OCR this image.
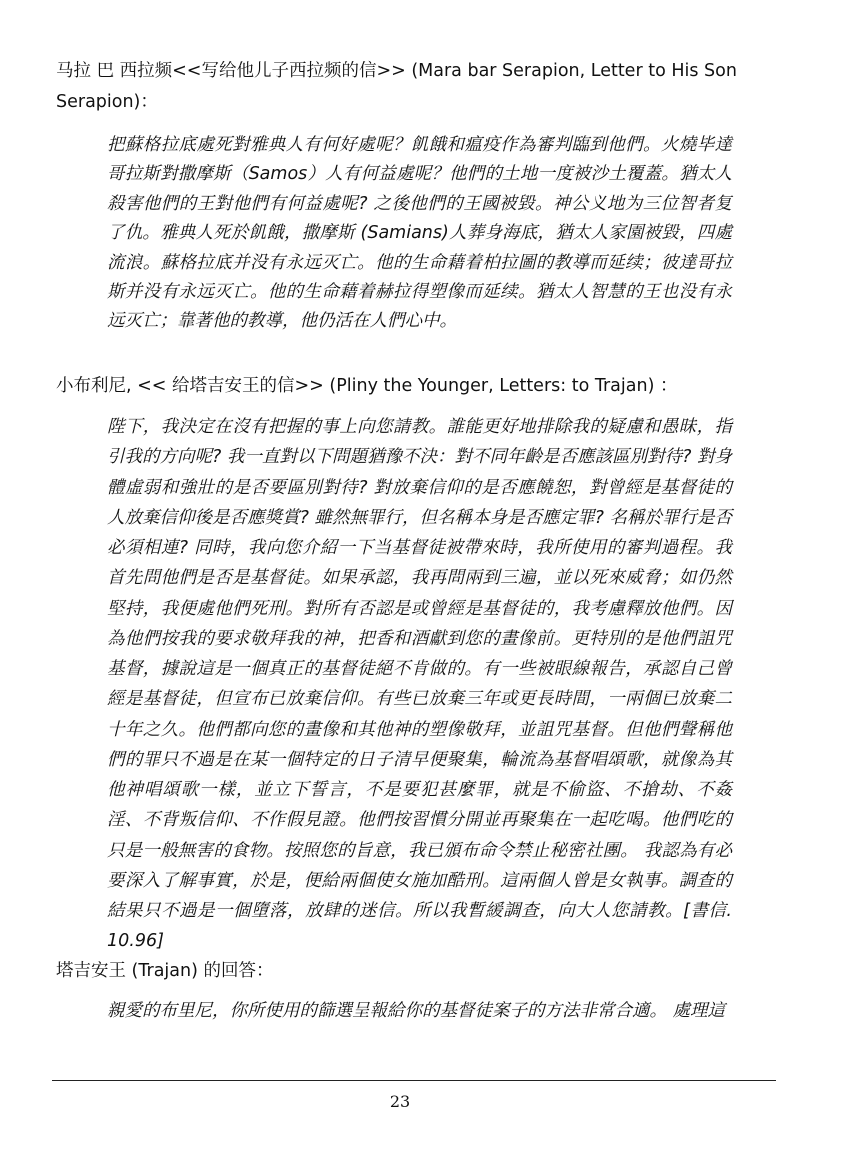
马拉 巴 西拉频<<写给他儿子西拉频的信>> (Mara bar Serapion, Letter to His Son Serapion)：

把蘇格拉底處死對雅典人有何好處呢？飢餓和瘟疫作為審判臨到他們。火燒毕達哥拉斯對撒摩斯（Samos）人有何益處呢？他們的土地一度被沙土覆蓋。猶太人殺害他們的王對他們有何益處呢? 之後他們的王國被毀。神公义地为三位智者复了仇。雅典人死於飢餓，撒摩斯 (Samians)人葬身海底，猶太人家園被毀，四處流浪。蘇格拉底并没有永远灭亡。他的生命藉着柏拉圖的教導而延续；彼達哥拉斯并没有永远灭亡。他的生命藉着赫拉得塑像而延续。猶太人智慧的王也没有永远灭亡；靠著他的教導，他仍活在人們心中。

小布利尼, << 给塔吉安王的信>> (Pliny the Younger, Letters: to Trajan) ：

陛下，我決定在沒有把握的事上向您請教。誰能更好地排除我的疑慮和愚昧，指引我的方向呢? 我一直對以下問題猶豫不決：對不同年齡是否應該區別對待? 對身體虛弱和強壯的是否要區別對待? 對放棄信仰的是否應饒恕，對曾經是基督徒的人放棄信仰後是否應獎賞? 雖然無罪行，但名稱本身是否應定罪? 名稱於罪行是否必須相連? 同時，我向您介紹一下当基督徒被帶來時，我所使用的審判過程。我首先問他們是否是基督徒。如果承認，我再問兩到三遍，並以死來威脅；如仍然堅持，我便處他們死刑。對所有否認是或曾經是基督徒的，我考慮釋放他們。因為他們按我的要求敬拜我的神，把香和酒獻到您的畫像前。更特別的是他們詛咒基督，據說這是一個真正的基督徒絕不肯做的。有一些被眼線報告，承認自己曾經是基督徒，但宣布已放棄信仰。有些已放棄三年或更長時間，一兩個已放棄二十年之久。他們都向您的畫像和其他神的塑像敬拜，並詛咒基督。但他們聲稱他們的罪只不過是在某一個特定的日子清早便聚集，輪流為基督唱頌歌，就像為其他神唱頌歌一樣，並立下誓言，不是要犯甚麼罪，就是不偷盜、不搶劫、不姦淫、不背叛信仰、不作假見證。他們按習慣分開並再聚集在一起吃喝。他們吃的只是一般無害的食物。按照您的旨意，我已頒布命令禁止秘密社團。 我認為有必要深入了解事實，於是，便給兩個使女施加酷刑。這兩個人曾是女執事。調查的結果只不過是一個墮落，放肆的迷信。所以我暫緩調查，向大人您請教。[書信. 10.96]

塔吉安王 (Trajan) 的回答：

親愛的布里尼，你所使用的篩選呈報給你的基督徒案子的方法非常合適。 處理這

23
